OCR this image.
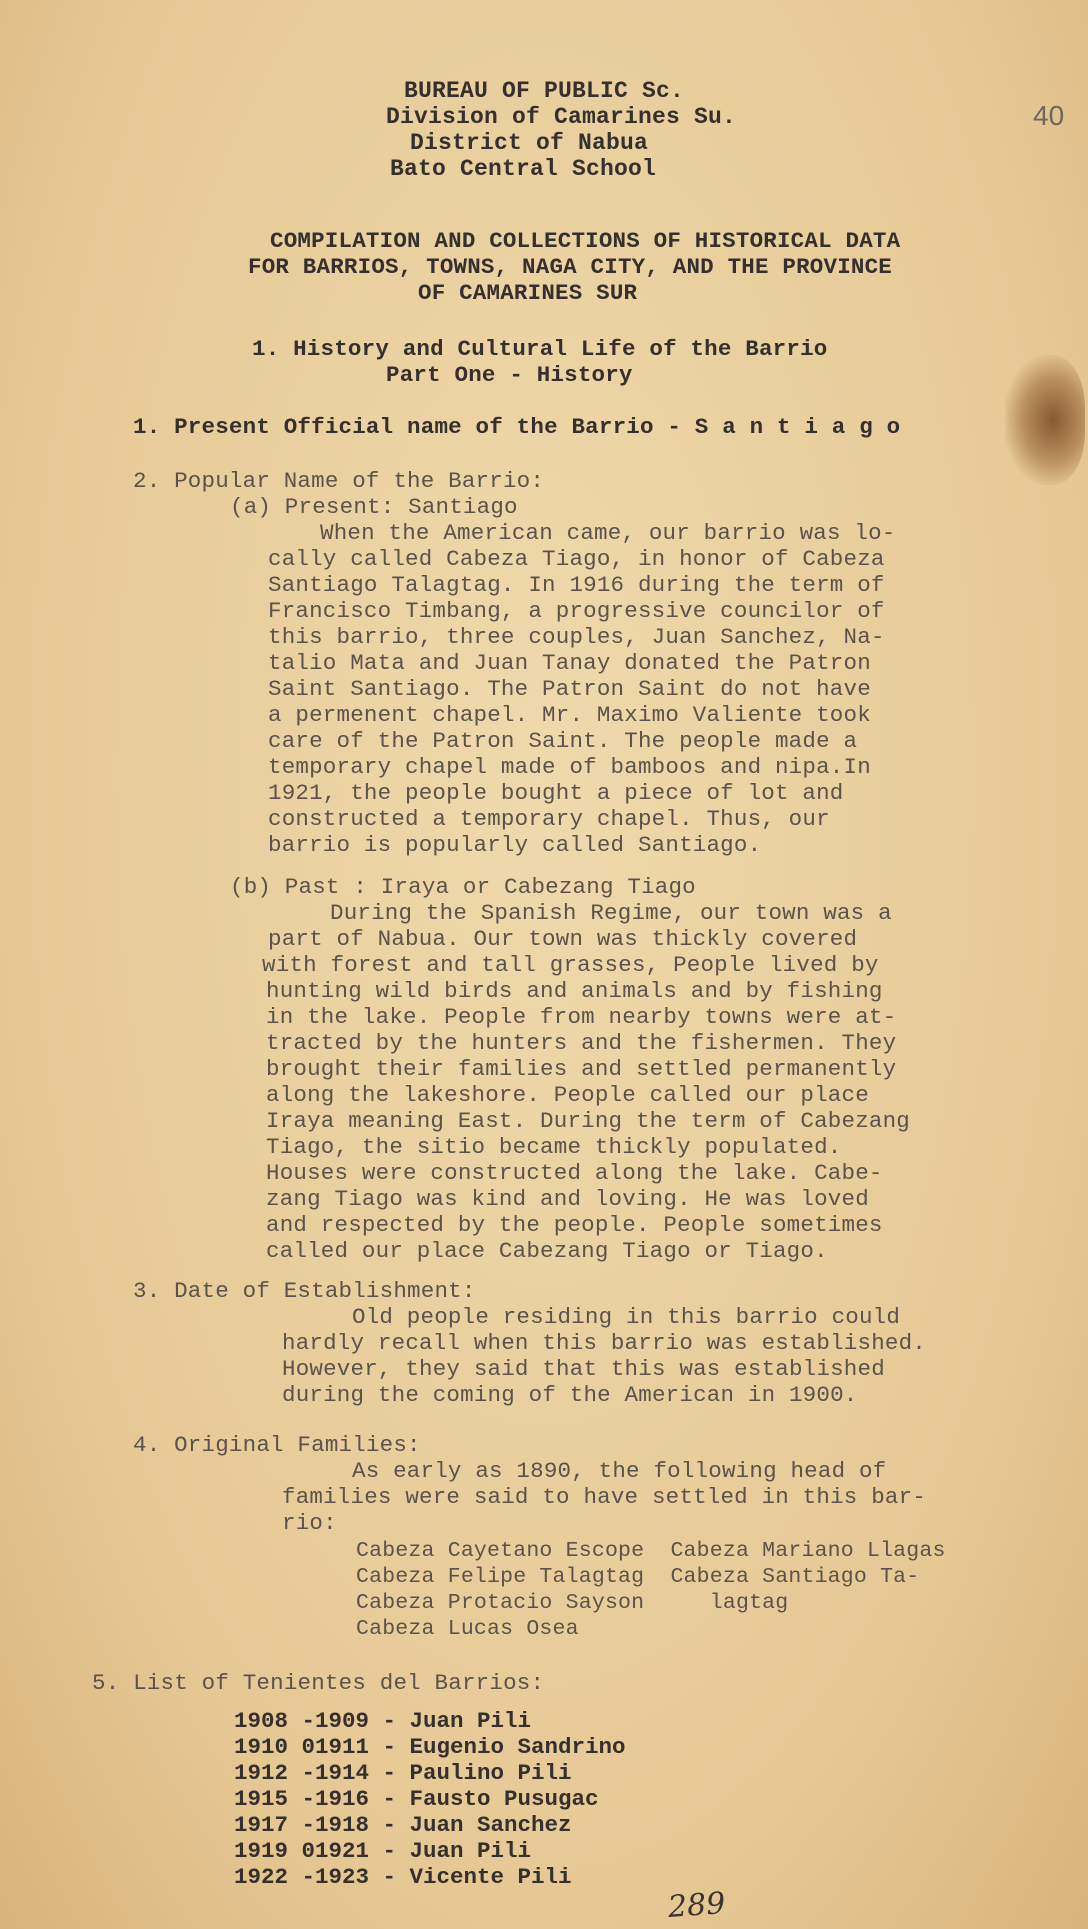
40
BUREAU OF PUBLIC Sc.
Division of Camarines Su.
District of Nabua
Bato Central School
COMPILATION AND COLLECTIONS OF HISTORICAL DATA
FOR BARRIOS, TOWNS, NAGA CITY, AND THE PROVINCE
OF CAMARINES SUR
1. History and Cultural Life of the Barrio
Part One - History
1. Present Official name of the Barrio - S a n t i a g o
2. Popular Name of the Barrio:
(a) Present: Santiago
When the American came, our barrio was lo-
cally called Cabeza Tiago, in honor of Cabeza
Santiago Talagtag. In 1916 during the term of
Francisco Timbang, a progressive councilor of
this barrio, three couples, Juan Sanchez, Na-
talio Mata and Juan Tanay donated the Patron
Saint Santiago. The Patron Saint do not have
a permenent chapel. Mr. Maximo Valiente took
care of the Patron Saint. The people made a
temporary chapel made of bamboos and nipa.In
1921, the people bought a piece of lot and
constructed a temporary chapel. Thus, our
barrio is popularly called Santiago.
(b) Past : Iraya or Cabezang Tiago
During the Spanish Regime, our town was a
part of Nabua. Our town was thickly covered
with forest and tall grasses, People lived by
hunting wild birds and animals and by fishing
in the lake. People from nearby towns were at-
tracted by the hunters and the fishermen. They
brought their families and settled permanently
along the lakeshore. People called our place
Iraya meaning East. During the term of Cabezang
Tiago, the sitio became thickly populated.
Houses were constructed along the lake. Cabe-
zang Tiago was kind and loving. He was loved
and respected by the people. People sometimes
called our place Cabezang Tiago or Tiago.
3. Date of Establishment:
Old people residing in this barrio could
hardly recall when this barrio was established.
However, they said that this was established
during the coming of the American in 1900.
4. Original Families:
As early as 1890, the following head of
families were said to have settled in this bar-
rio:
Cabeza Cayetano Escope  Cabeza Mariano Llagas
Cabeza Felipe Talagtag  Cabeza Santiago Ta-
Cabeza Protacio Sayson     lagtag
Cabeza Lucas Osea
5. List of Tenientes del Barrios:
1908 -1909 - Juan Pili
1910 01911 - Eugenio Sandrino
1912 -1914 - Paulino Pili
1915 -1916 - Fausto Pusugac
1917 -1918 - Juan Sanchez
1919 01921 - Juan Pili
1922 -1923 - Vicente Pili
289
